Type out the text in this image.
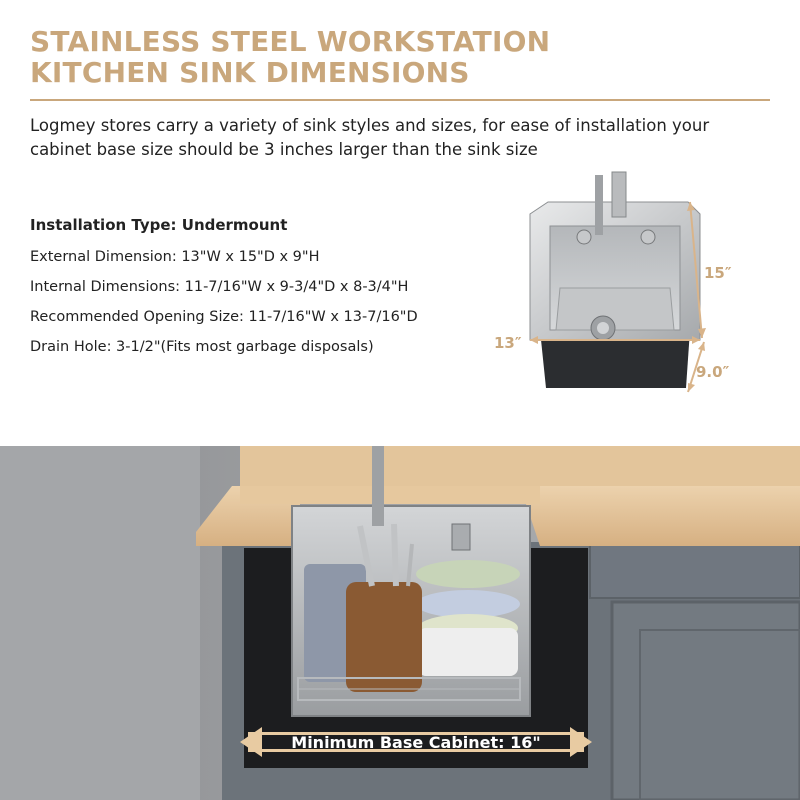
STAINLESS STEEL WORKSTATION
KITCHEN SINK DIMENSIONS
Logmey stores carry a variety of sink styles and sizes, for ease of installation your
cabinet base size should be 3 inches larger than the sink size
Installation Type: Undermount
External Dimension: 13"W x 15"D x 9"H
Internal Dimensions: 11-7/16"W x 9-3/4"D x 8-3/4"H
Recommended Opening Size: 11-7/16"W x 13-7/16"D
Drain Hole: 3-1/2"(Fits most garbage disposals)	13″
15″
9.0″
Minimum Base Cabinet: 16"
